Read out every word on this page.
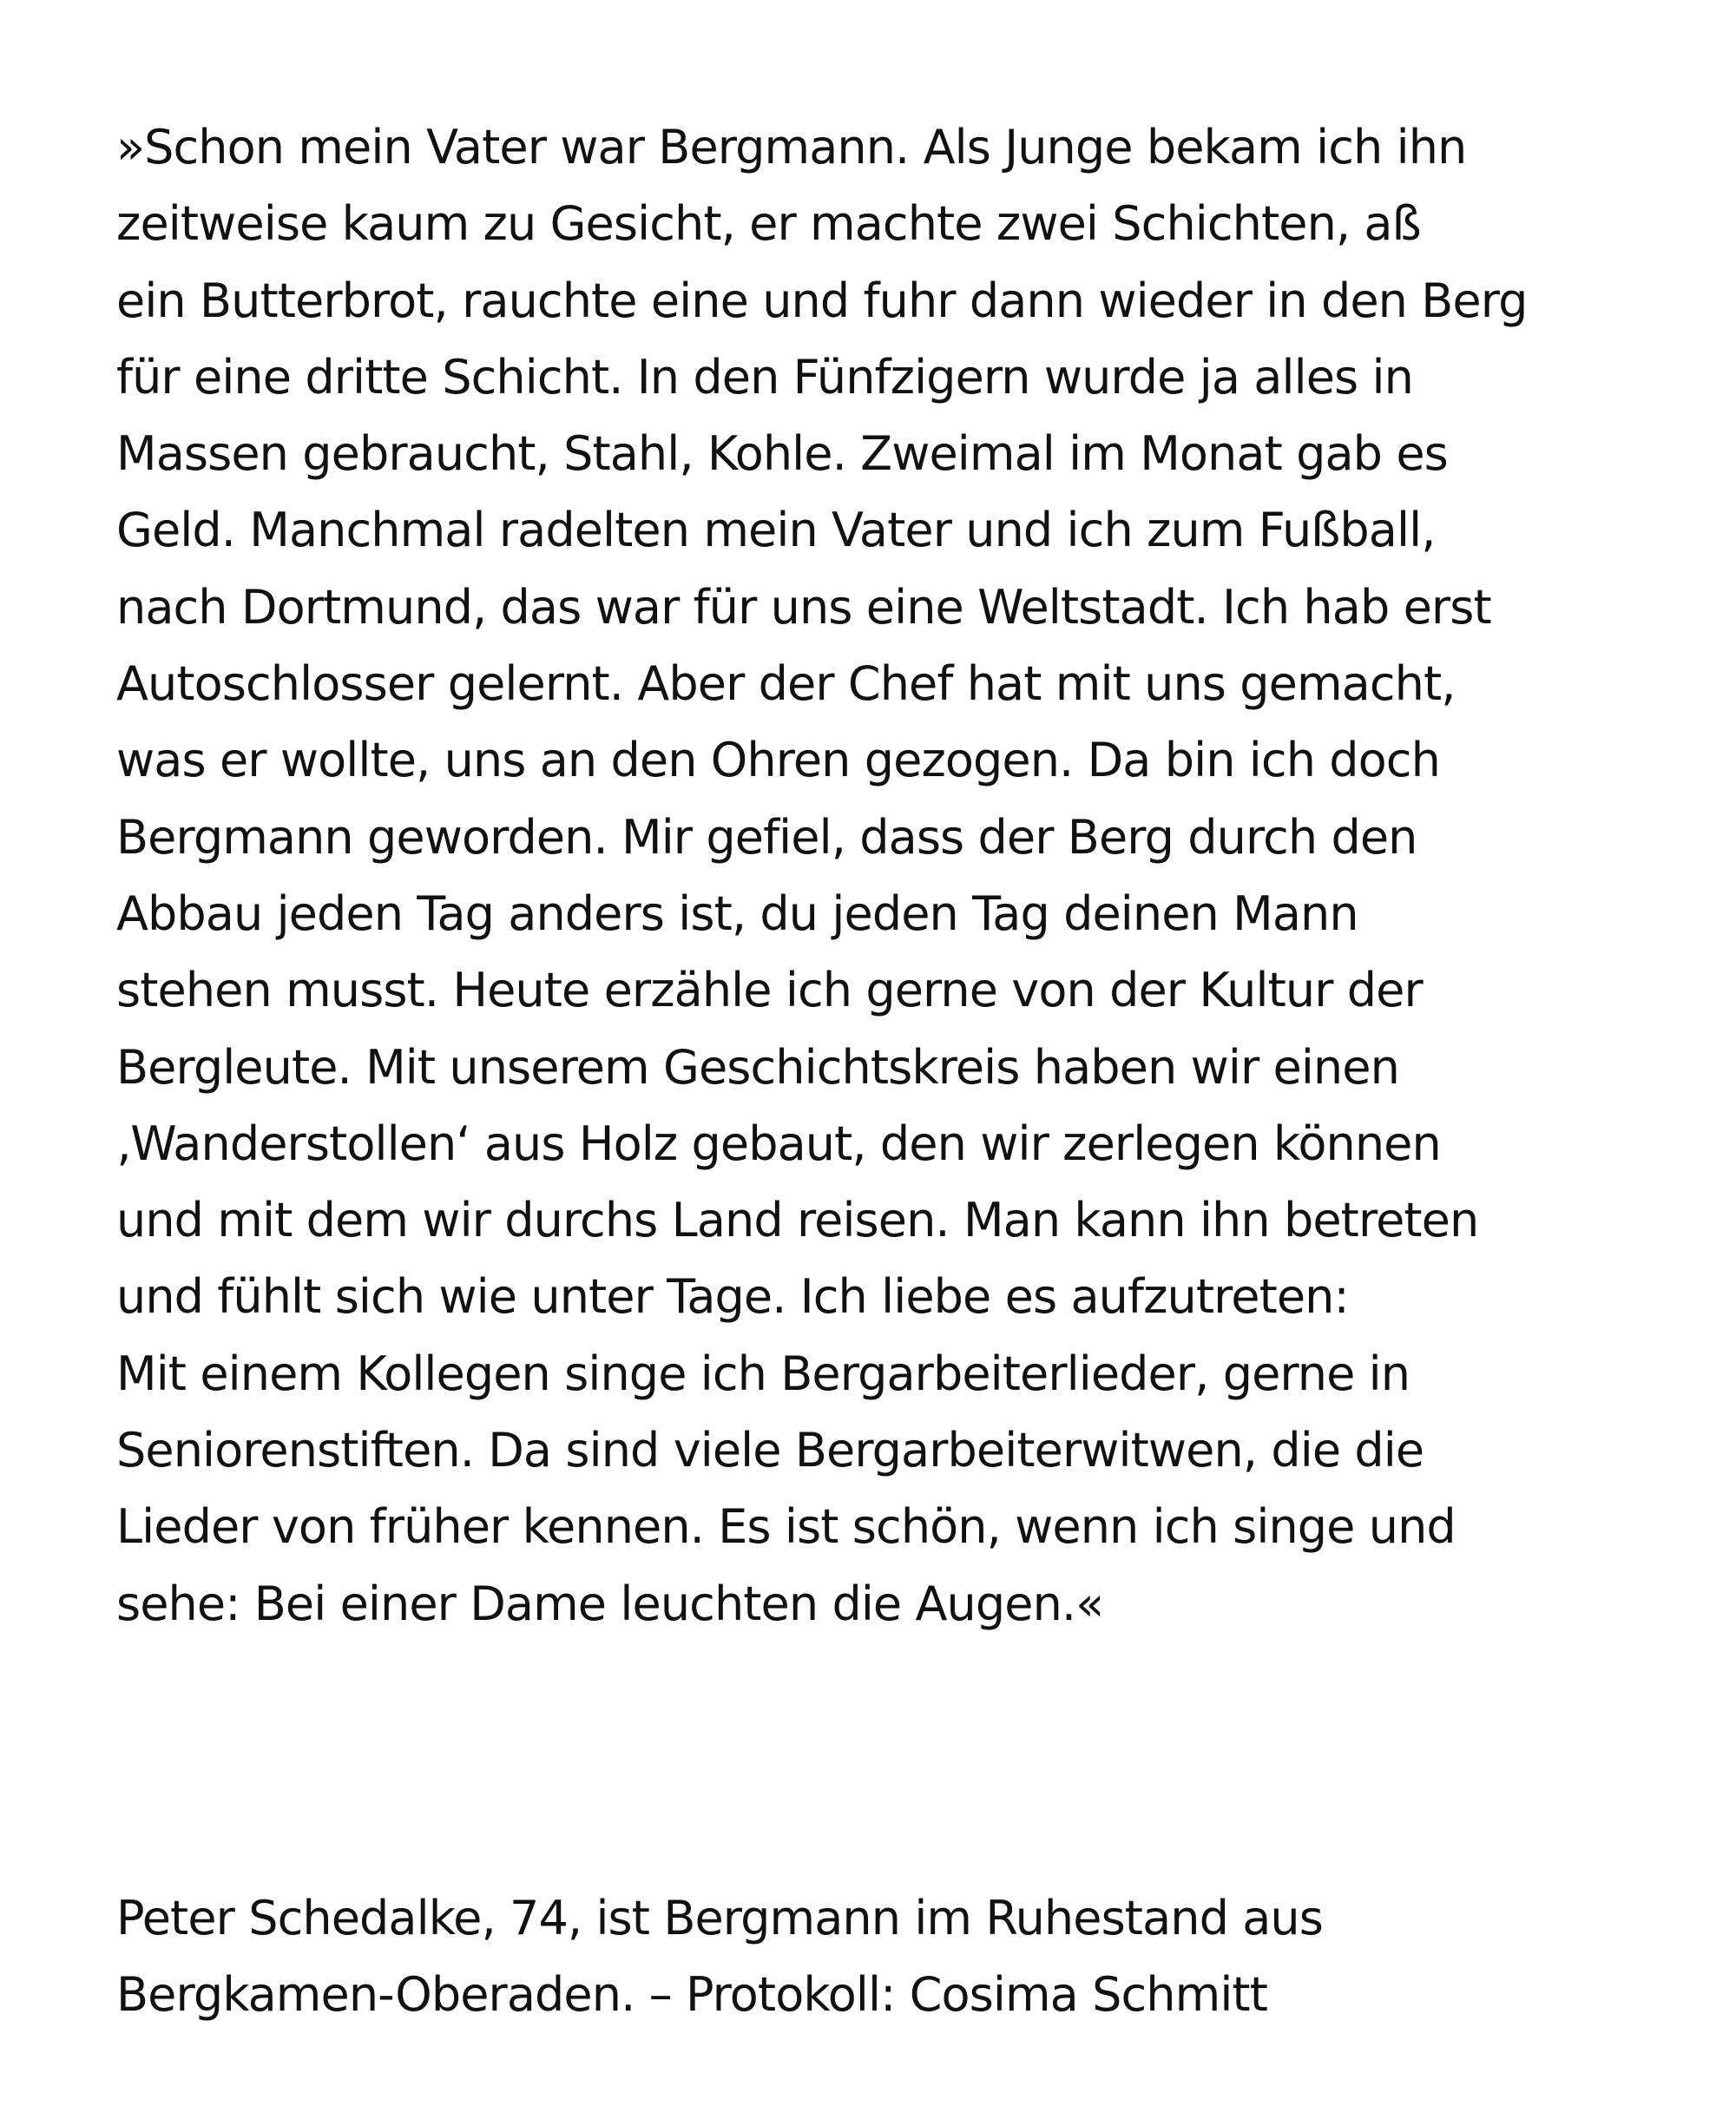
»Schon mein Vater war Bergmann. Als Junge bekam ich ihn
zeitweise kaum zu Gesicht, er machte zwei Schichten, aß
ein Butterbrot, rauchte eine und fuhr dann wieder in den Berg
für eine dritte Schicht. In den Fünfzigern wurde ja alles in
Massen gebraucht, Stahl, Kohle. Zweimal im Monat gab es
Geld. Manchmal radelten mein Vater und ich zum Fußball,
nach Dortmund, das war für uns eine Weltstadt. Ich hab erst
Autoschlosser gelernt. Aber der Chef hat mit uns gemacht,
was er wollte, uns an den Ohren gezogen. Da bin ich doch
Bergmann geworden. Mir gefiel, dass der Berg durch den
Abbau jeden Tag anders ist, du jeden Tag deinen Mann
stehen musst. Heute erzähle ich gerne von der Kultur der
Bergleute. Mit unserem Geschichtskreis haben wir einen
‚Wanderstollen‘ aus Holz gebaut, den wir zerlegen können
und mit dem wir durchs Land reisen. Man kann ihn betreten
und fühlt sich wie unter Tage. Ich liebe es aufzutreten:
Mit einem Kollegen singe ich Bergarbeiterlieder, gerne in
Seniorenstiften. Da sind viele Bergarbeiterwitwen, die die
Lieder von früher kennen. Es ist schön, wenn ich singe und
sehe: Bei einer Dame leuchten die Augen.«

Peter Schedalke, 74, ist Bergmann im Ruhestand aus
Bergkamen-Oberaden. – Protokoll: Cosima Schmitt
